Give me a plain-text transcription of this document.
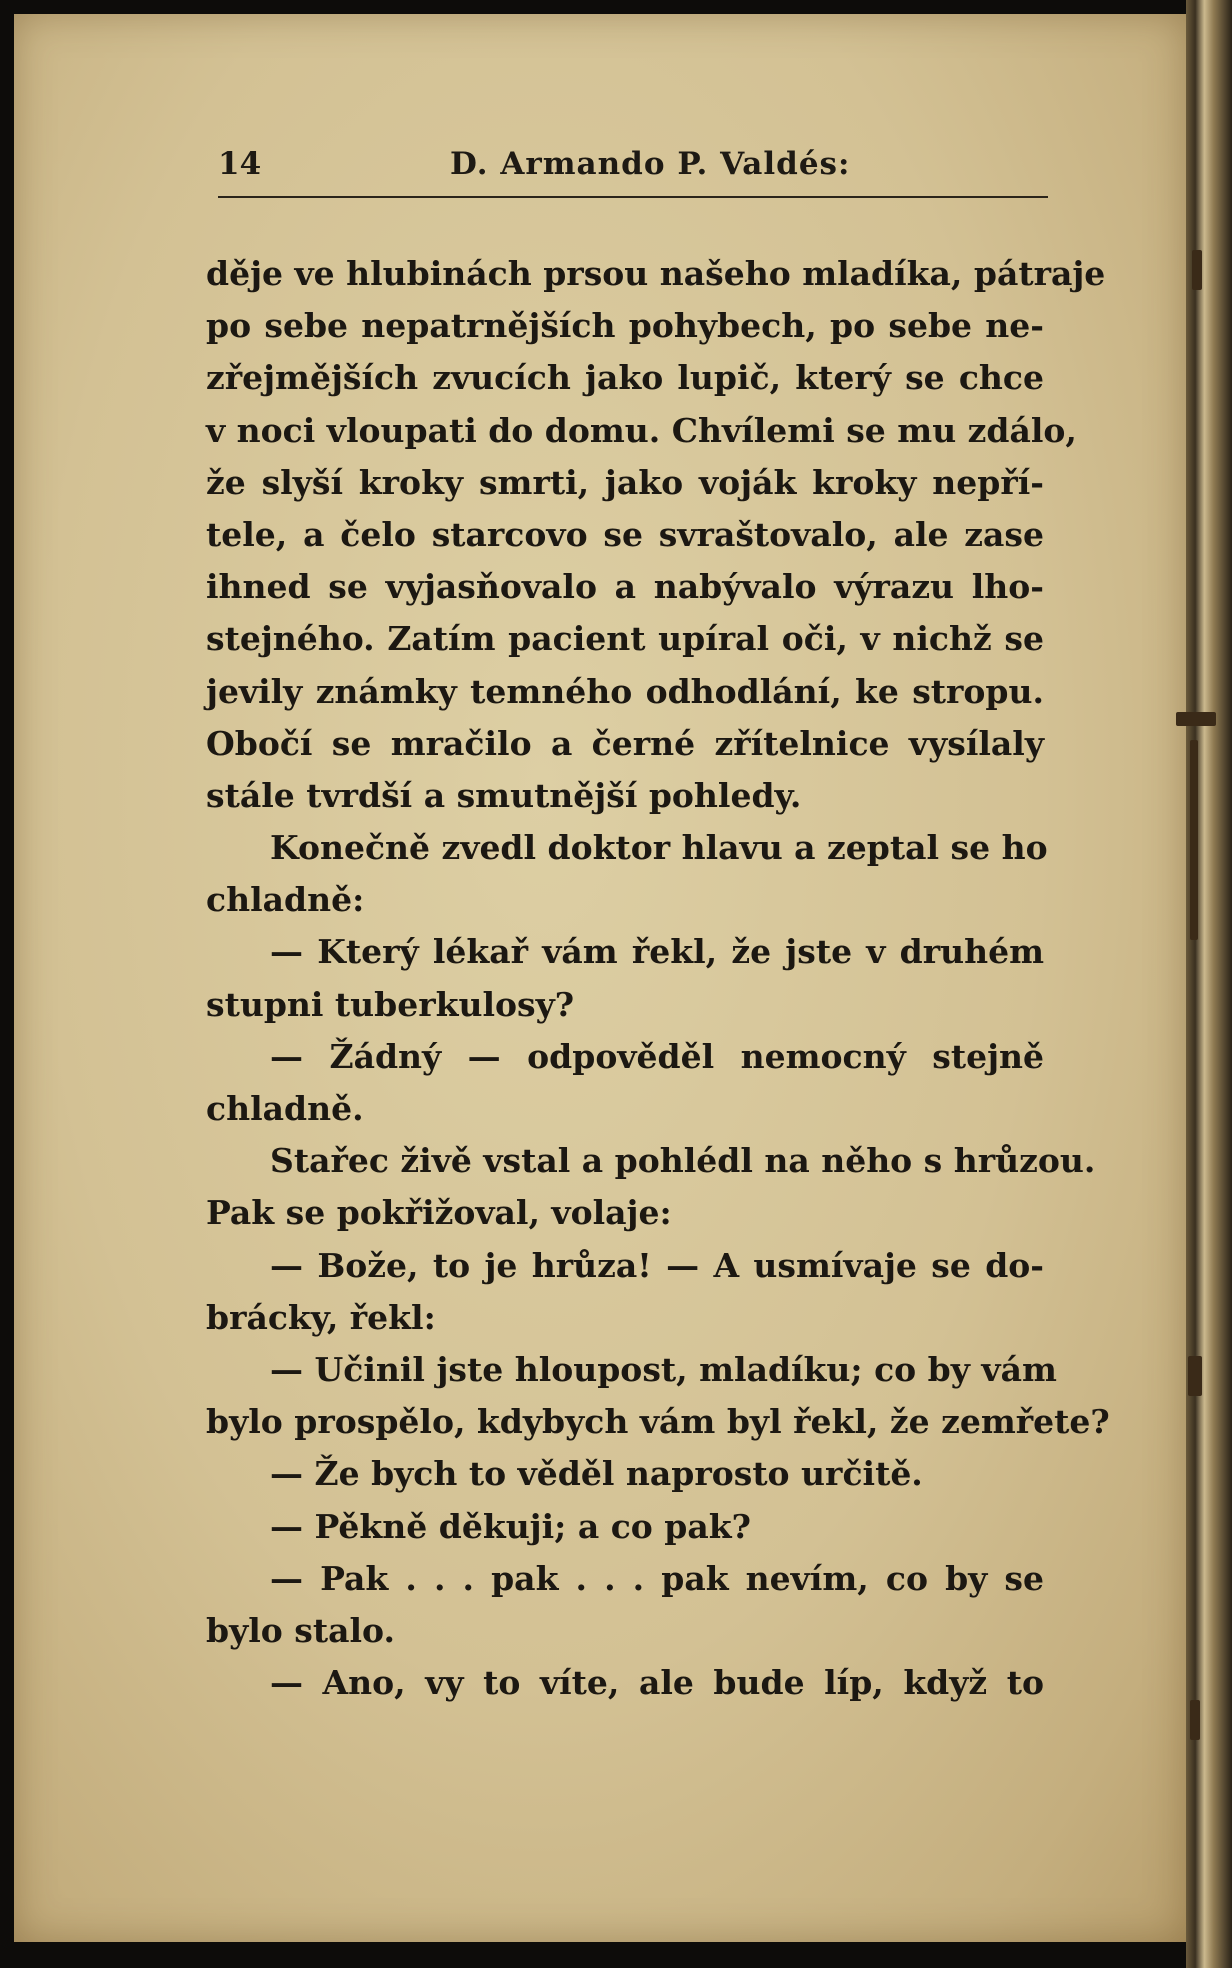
14	D. Armando P. Valdés:
děje ve hlubinách prsou našeho mladíka, pátraje
po sebe nepatrnějších pohybech, po sebe ne-
zřejmějších zvucích jako lupič, který se chce
v noci vloupati do domu. Chvílemi se mu zdálo,
že slyší kroky smrti, jako voják kroky nepří-
tele, a čelo starcovo se svraštovalo, ale zase
ihned se vyjasňovalo a nabývalo výrazu lho-
stejného. Zatím pacient upíral oči, v nichž se
jevily známky temného odhodlání, ke stropu.
Obočí se mračilo a černé zřítelnice vysílaly
stále tvrdší a smutnější pohledy.
Konečně zvedl doktor hlavu a zeptal se ho
chladně:
— Který lékař vám řekl, že jste v druhém
stupni tuberkulosy?
— Žádný — odpověděl nemocný stejně
chladně.
Stařec živě vstal a pohlédl na něho s hrůzou.
Pak se pokřižoval, volaje:
— Bože, to je hrůza! — A usmívaje se do-
brácky, řekl:
— Učinil jste hloupost, mladíku; co by vám
bylo prospělo, kdybych vám byl řekl, že zemřete?
— Že bych to věděl naprosto určitě.
— Pěkně děkuji; a co pak?
— Pak . . . pak . . . pak nevím, co by se
bylo stalo.
— Ano, vy to víte, ale bude líp, když to
